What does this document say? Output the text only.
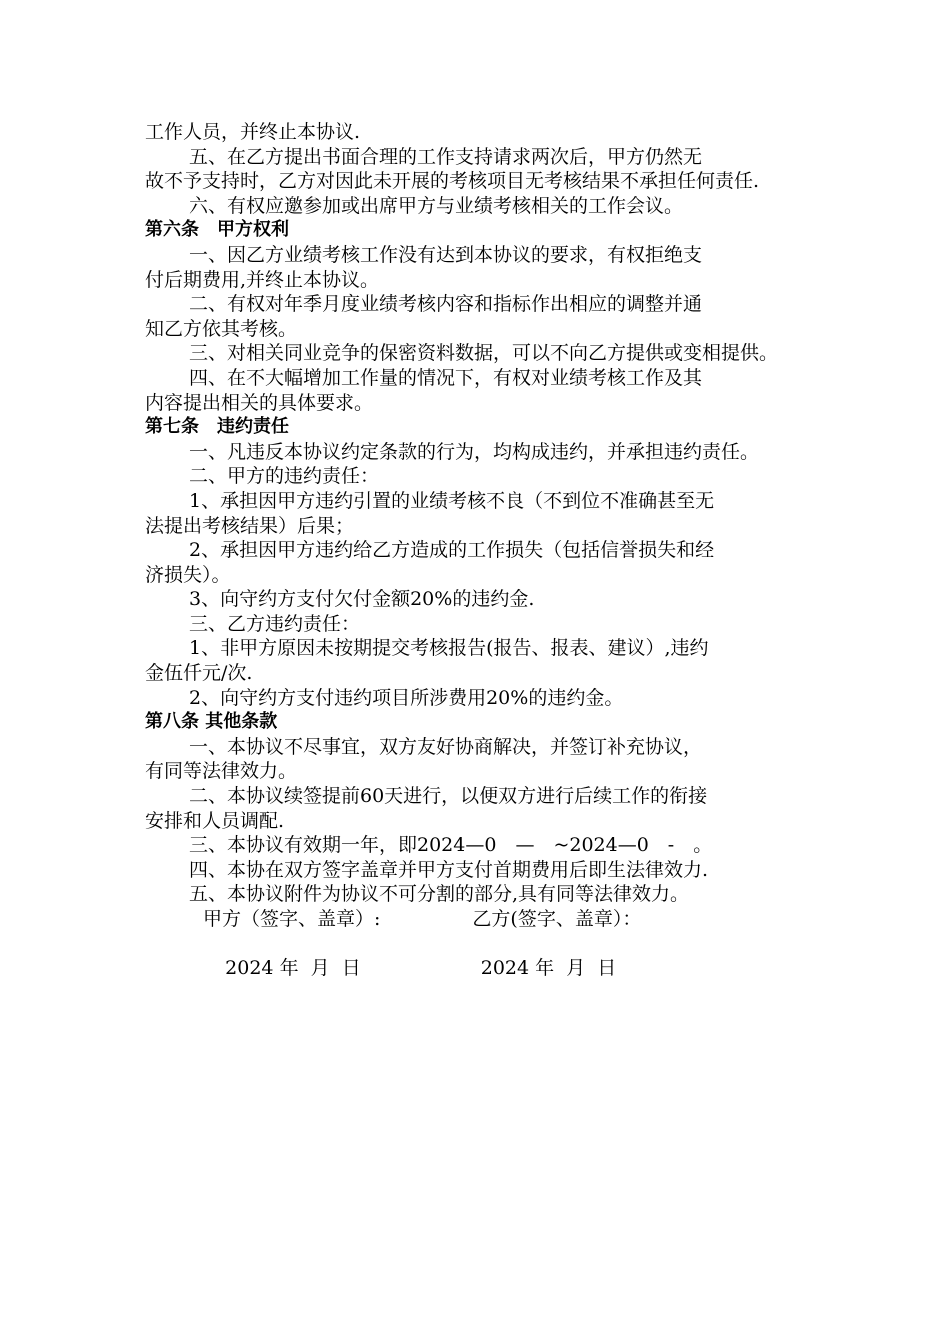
工作人员，并终止本协议.
五、在乙方提出书面合理的工作支持请求两次后，甲方仍然无
故不予支持时，乙方对因此未开展的考核项目无考核结果不承担任何责任.
六、有权应邀参加或出席甲方与业绩考核相关的工作会议。
第六条　甲方权利
一、因乙方业绩考核工作没有达到本协议的要求，有权拒绝支
付后期费用,并终止本协议。
二、有权对年季月度业绩考核内容和指标作出相应的调整并通
知乙方依其考核。
三、对相关同业竞争的保密资料数据，可以不向乙方提供或变相提供。
四、在不大幅增加工作量的情况下，有权对业绩考核工作及其
内容提出相关的具体要求。
第七条　违约责任
一、凡违反本协议约定条款的行为，均构成违约，并承担违约责任。
二、甲方的违约责任：
1、承担因甲方违约引置的业绩考核不良（不到位不准确甚至无
法提出考核结果）后果；
2、承担因甲方违约给乙方造成的工作损失（包括信誉损失和经
济损失）。
3、向守约方支付欠付金额20%的违约金.
三、乙方违约责任：
1、非甲方原因未按期提交考核报告(报告、报表、建议）,违约
金伍仟元/次.
2、向守约方支付违约项目所涉费用20%的违约金。
第八条 其他条款
一、本协议不尽事宜，双方友好协商解决，并签订补充协议，
有同等法律效力。
二、本协议续签提前60天进行，以便双方进行后续工作的衔接
安排和人员调配.
三、本协议有效期一年，即2024—0　—　~2024—0　-　。
四、本协在双方签字盖章并甲方支付首期费用后即生法律效力.
五、本协议附件为协议不可分割的部分,具有同等法律效力。
甲方（签字、盖章）:	乙方(签字、盖章）：

2024 年  月  日	2024 年  月  日
